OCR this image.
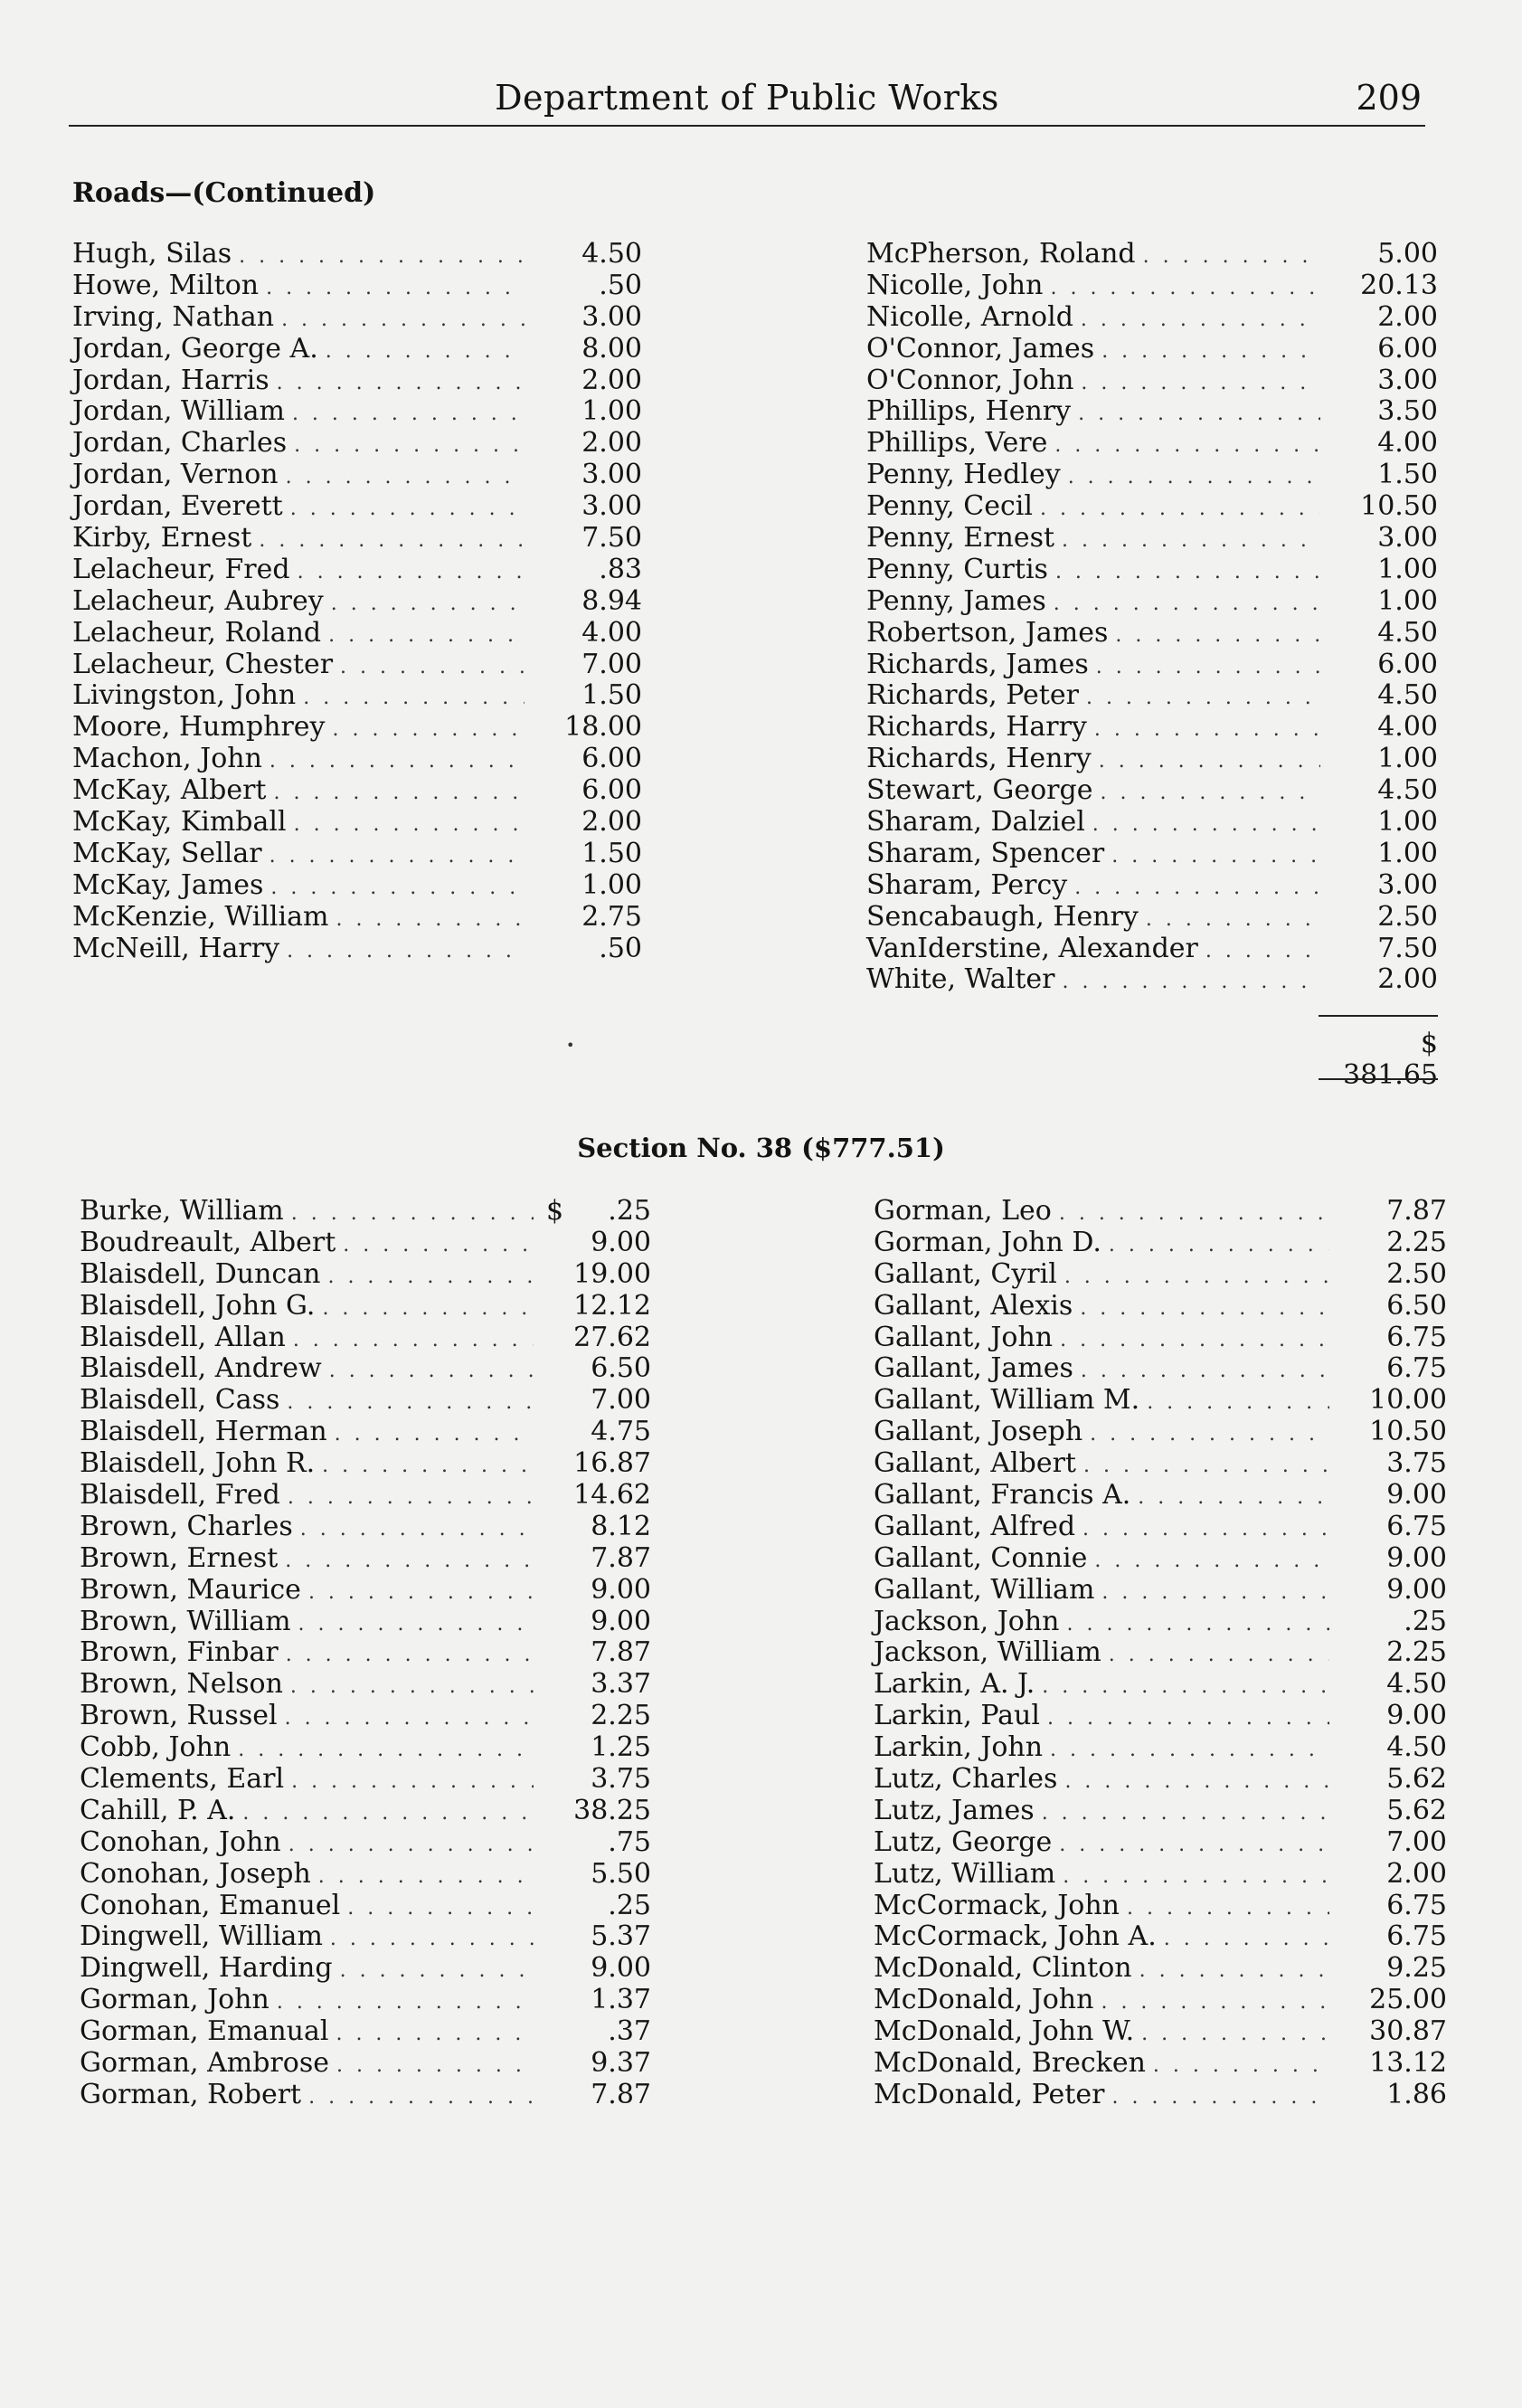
Department of Public Works	209
Roads—(Continued)
Hugh, Silas . . .	4.50
Howe, Milton . . .	.50
Irving, Nathan . . .	3.00
Jordan, George A. . . .	8.00
Jordan, Harris . . .	2.00
Jordan, William . . .	1.00
Jordan, Charles . . .	2.00
Jordan, Vernon . . .	3.00
Jordan, Everett . . .	3.00
Kirby, Ernest . . .	7.50
Lelacheur, Fred . . .	.83
Lelacheur, Aubrey . . .	8.94
Lelacheur, Roland . . .	4.00
Lelacheur, Chester . . .	7.00
Livingston, John . . .	1.50
Moore, Humphrey . . .	18.00
Machon, John . . .	6.00
McKay, Albert . . .	6.00
McKay, Kimball . . .	2.00
McKay, Sellar . . .	1.50
McKay, James . . .	1.00
McKenzie, William . . .	2.75
McNeill, Harry . . .	.50
McPherson, Roland . . .	5.00
Nicolle, John . . .	20.13
Nicolle, Arnold . . .	2.00
O'Connor, James . . .	6.00
O'Connor, John . . .	3.00
Phillips, Henry . . .	3.50
Phillips, Vere . . .	4.00
Penny, Hedley . . .	1.50
Penny, Cecil . . .	10.50
Penny, Ernest . . .	3.00
Penny, Curtis . . .	1.00
Penny, James . . .	1.00
Robertson, James . . .	4.50
Richards, James . . .	6.00
Richards, Peter . . .	4.50
Richards, Harry . . .	4.00
Richards, Henry . . .	1.00
Stewart, George . . .	4.50
Sharam, Dalziel . . .	1.00
Sharam, Spencer . . .	1.00
Sharam, Percy . . .	3.00
Sencabaugh, Henry . . .	2.50
VanIderstine, Alexander . . .	7.50
White, Walter . . .	2.00
$ 381.65
•
Section No. 38 ($777.51)
$
Burke, William . . .	.25
Boudreault, Albert . . .	9.00
Blaisdell, Duncan . . .	19.00
Blaisdell, John G. . . .	12.12
Blaisdell, Allan . . .	27.62
Blaisdell, Andrew . . .	6.50
Blaisdell, Cass . . .	7.00
Blaisdell, Herman . . .	4.75
Blaisdell, John R. . . .	16.87
Blaisdell, Fred . . .	14.62
Brown, Charles . . .	8.12
Brown, Ernest . . .	7.87
Brown, Maurice . . .	9.00
Brown, William . . .	9.00
Brown, Finbar . . .	7.87
Brown, Nelson . . .	3.37
Brown, Russel . . .	2.25
Cobb, John . . .	1.25
Clements, Earl . . .	3.75
Cahill, P. A. . . .	38.25
Conohan, John . . .	.75
Conohan, Joseph . . .	5.50
Conohan, Emanuel . . .	.25
Dingwell, William . . .	5.37
Dingwell, Harding . . .	9.00
Gorman, John . . .	1.37
Gorman, Emanual . . .	.37
Gorman, Ambrose . . .	9.37
Gorman, Robert . . .	7.87
Gorman, Leo . . .	7.87
Gorman, John D. . . .	2.25
Gallant, Cyril . . .	2.50
Gallant, Alexis . . .	6.50
Gallant, John . . .	6.75
Gallant, James . . .	6.75
Gallant, William M. . . .	10.00
Gallant, Joseph . . .	10.50
Gallant, Albert . . .	3.75
Gallant, Francis A. . . .	9.00
Gallant, Alfred . . .	6.75
Gallant, Connie . . .	9.00
Gallant, William . . .	9.00
Jackson, John . . .	.25
Jackson, William . . .	2.25
Larkin, A. J. . . .	4.50
Larkin, Paul . . .	9.00
Larkin, John . . .	4.50
Lutz, Charles . . .	5.62
Lutz, James . . .	5.62
Lutz, George . . .	7.00
Lutz, William . . .	2.00
McCormack, John . . .	6.75
McCormack, John A. . . .	6.75
McDonald, Clinton . . .	9.25
McDonald, John . . .	25.00
McDonald, John W. . . .	30.87
McDonald, Brecken . . .	13.12
McDonald, Peter . . .	1.86
